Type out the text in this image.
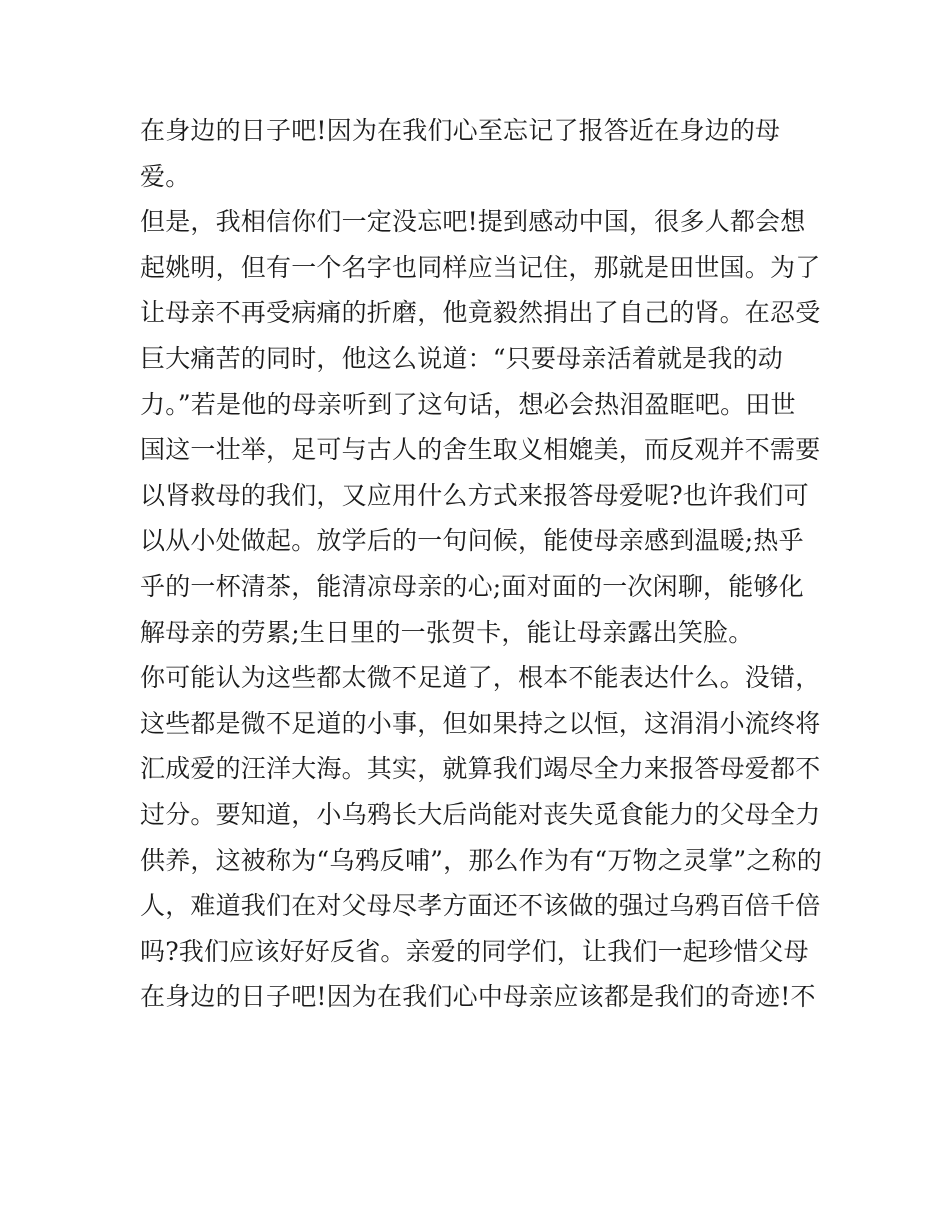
在身边的日子吧!因为在我们心至忘记了报答近在身边的母
爱。
但是，我相信你们一定没忘吧!提到感动中国，很多人都会想
起姚明，但有一个名字也同样应当记住，那就是田世国。为了
让母亲不再受病痛的折磨，他竟毅然捐出了自己的肾。在忍受
巨大痛苦的同时，他这么说道：“只要母亲活着就是我的动
力。”若是他的母亲听到了这句话，想必会热泪盈眶吧。田世
国这一壮举，足可与古人的舍生取义相媲美，而反观并不需要
以肾救母的我们，又应用什么方式来报答母爱呢?也许我们可
以从小处做起。放学后的一句问候，能使母亲感到温暖;热乎
乎的一杯清茶，能清凉母亲的心;面对面的一次闲聊，能够化
解母亲的劳累;生日里的一张贺卡，能让母亲露出笑脸。
你可能认为这些都太微不足道了，根本不能表达什么。没错，
这些都是微不足道的小事，但如果持之以恒，这涓涓小流终将
汇成爱的汪洋大海。其实，就算我们竭尽全力来报答母爱都不
过分。要知道，小乌鸦长大后尚能对丧失觅食能力的父母全力
供养，这被称为“乌鸦反哺”，那么作为有“万物之灵掌”之称的
人，难道我们在对父母尽孝方面还不该做的强过乌鸦百倍千倍
吗?我们应该好好反省。亲爱的同学们，让我们一起珍惜父母
在身边的日子吧!因为在我们心中母亲应该都是我们的奇迹!不
